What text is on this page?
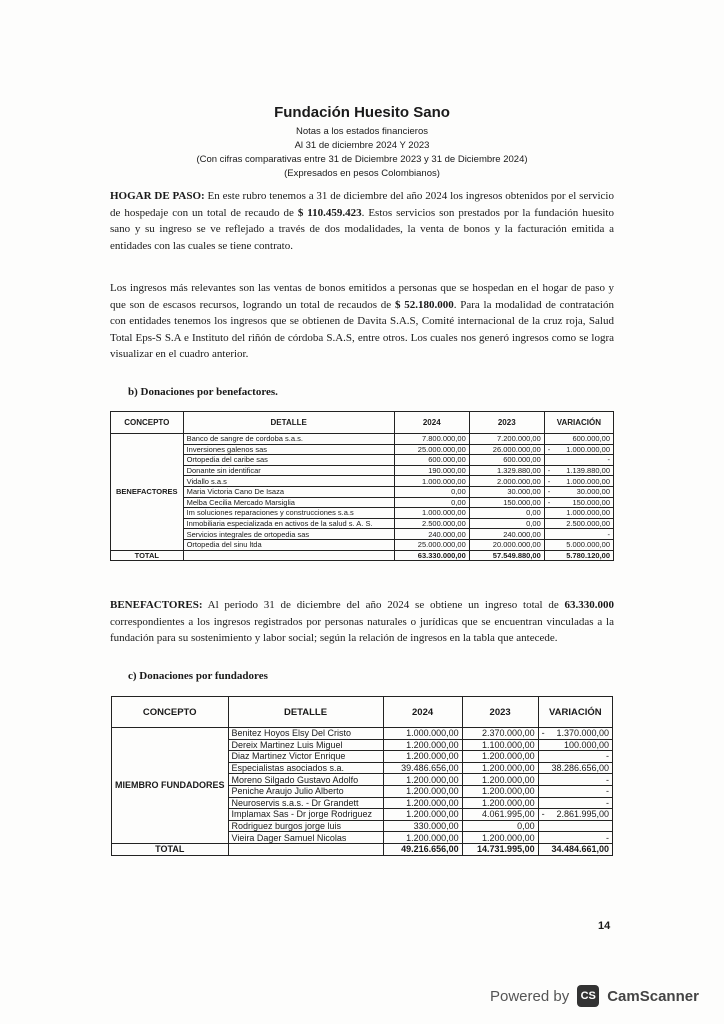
Fundación Huesito Sano
Notas a los estados financieros
Al 31 de diciembre 2024 Y 2023
(Con cifras comparativas entre 31 de Diciembre 2023 y 31 de Diciembre 2024)
(Expresados en pesos Colombianos)
HOGAR DE PASO: En este rubro tenemos a 31 de diciembre del año 2024 los ingresos obtenidos por el servicio de hospedaje con un total de recaudo de $ 110.459.423. Estos servicios son prestados por la fundación huesito sano y su ingreso se ve reflejado a través de dos modalidades, la venta de bonos y la facturación emitida a entidades con las cuales se tiene contrato.
Los ingresos más relevantes son las ventas de bonos emitidos a personas que se hospedan en el hogar de paso y que son de escasos recursos, logrando un total de recaudos de $ 52.180.000. Para la modalidad de contratación con entidades tenemos los ingresos que se obtienen de Davita S.A.S, Comité internacional de la cruz roja, Salud Total Eps-S S.A e Instituto del riñón de córdoba S.A.S, entre otros. Los cuales nos generó ingresos como se logra visualizar en el cuadro anterior.
b) Donaciones por benefactores.
CONCEPTO	DETALLE	2024	2023	VARIACIÓN
BENEFACTORES	Banco de sangre de cordoba s.a.s.	7.800.000,00	7.200.000,00	600.000,00
	Inversiones galenos sas	25.000.000,00	26.000.000,00	- 1.000.000,00
	Ortopedia del caribe sas	600.000,00	600.000,00	-
	Donante sin identificar	190.000,00	1.329.880,00	- 1.139.880,00
	Vidallo s.a.s	1.000.000,00	2.000.000,00	- 1.000.000,00
	Maria Victoria Cano De Isaza	0,00	30.000,00	- 30.000,00
	Melba Cecilia Mercado Marsiglia	0,00	150.000,00	- 150.000,00
	Im soluciones reparaciones y construcciones s.a.s	1.000.000,00	0,00	1.000.000,00
	Inmobiliaria especializada en activos de la salud s. A. S.	2.500.000,00	0,00	2.500.000,00
	Servicios integrales de ortopedia sas	240.000,00	240.000,00	-
	Ortopedia del sinu ltda	25.000.000,00	20.000.000,00	5.000.000,00
TOTAL		63.330.000,00	57.549.880,00	5.780.120,00
BENEFACTORES: Al periodo 31 de diciembre del año 2024 se obtiene un ingreso total de 63.330.000 correspondientes a los ingresos registrados por personas naturales o jurídicas que se encuentran vinculadas a la fundación para su sostenimiento y labor social; según la relación de ingresos en la tabla que antecede.
c) Donaciones por fundadores
CONCEPTO	DETALLE	2024	2023	VARIACIÓN
MIEMBRO FUNDADORES	Benitez Hoyos Elsy Del Cristo	1.000.000,00	2.370.000,00	- 1.370.000,00
	Dereix Martinez Luis Miguel	1.200.000,00	1.100.000,00	100.000,00
	Diaz Martinez Victor Enrique	1.200.000,00	1.200.000,00	-
	Especialistas asociados s.a.	39.486.656,00	1.200.000,00	38.286.656,00
	Moreno Silgado Gustavo Adolfo	1.200.000,00	1.200.000,00	-
	Peniche Araujo Julio Alberto	1.200.000,00	1.200.000,00	-
	Neuroservis s.a.s. - Dr Grandett	1.200.000,00	1.200.000,00	-
	Implamax Sas - Dr jorge Rodriguez	1.200.000,00	4.061.995,00	- 2.861.995,00
	Rodriguez burgos jorge luis	330.000,00	0,00	

	Vieira Dager Samuel Nicolas	1.200.000,00	1.200.000,00	-
TOTAL		49.216.656,00	14.731.995,00	34.484.661,00
14
Powered by	CS CamScanner
